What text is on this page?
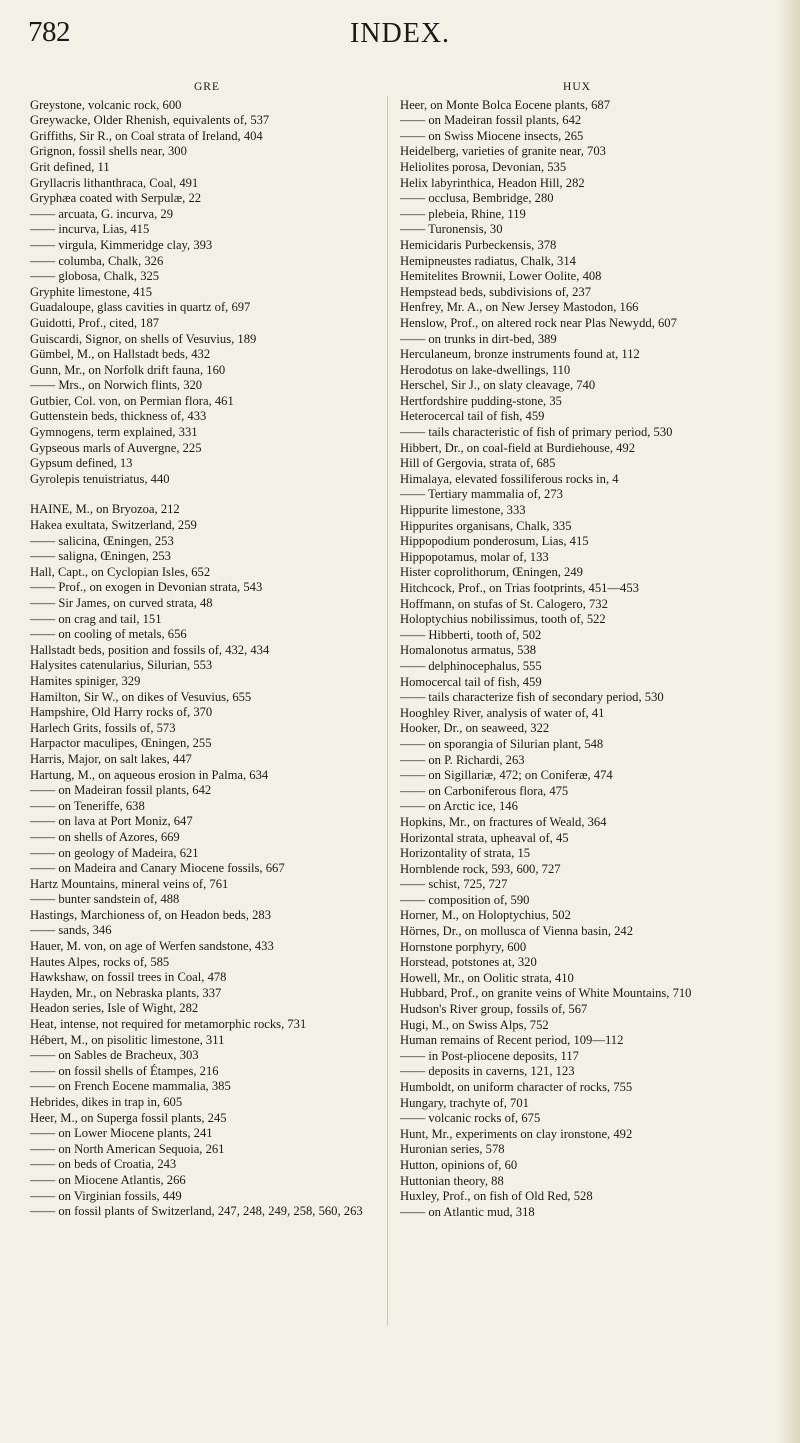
782	INDEX.
GRE
Greystone, volcanic rock, 600
Greywacke, Older Rhenish, equivalents of, 537
Griffiths, Sir R., on Coal strata of Ireland, 404
Grignon, fossil shells near, 300
Grit defined, 11
Gryllacris lithanthraca, Coal, 491
Gryphæa coated with Serpulæ, 22
—— arcuata, G. incurva, 29
—— incurva, Lias, 415
—— virgula, Kimmeridge clay, 393
—— columba, Chalk, 326
—— globosa, Chalk, 325
Gryphite limestone, 415
Guadaloupe, glass cavities in quartz of, 697
Guidotti, Prof., cited, 187
Guiscardi, Signor, on shells of Vesuvius, 189
Gümbel, M., on Hallstadt beds, 432
Gunn, Mr., on Norfolk drift fauna, 160
—— Mrs., on Norwich flints, 320
Gutbier, Col. von, on Permian flora, 461
Guttenstein beds, thickness of, 433
Gymnogens, term explained, 331
Gypseous marls of Auvergne, 225
Gypsum defined, 13
Gyrolepis tenuistriatus, 440
HAINE, M., on Bryozoa, 212
Hakea exultata, Switzerland, 259
—— salicina, Œningen, 253
—— saligna, Œningen, 253
Hall, Capt., on Cyclopian Isles, 652
—— Prof., on exogen in Devonian strata, 543
—— Sir James, on curved strata, 48
—— on crag and tail, 151
—— on cooling of metals, 656
Hallstadt beds, position and fossils of, 432, 434
Halysites catenularius, Silurian, 553
Hamites spiniger, 329
Hamilton, Sir W., on dikes of Vesuvius, 655
Hampshire, Old Harry rocks of, 370
Harlech Grits, fossils of, 573
Harpactor maculipes, Œningen, 255
Harris, Major, on salt lakes, 447
Hartung, M., on aqueous erosion in Palma, 634
—— on Madeiran fossil plants, 642
—— on Teneriffe, 638
—— on lava at Port Moniz, 647
—— on shells of Azores, 669
—— on geology of Madeira, 621
—— on Madeira and Canary Miocene fossils, 667
Hartz Mountains, mineral veins of, 761
—— bunter sandstein of, 488
Hastings, Marchioness of, on Headon beds, 283
—— sands, 346
Hauer, M. von, on age of Werfen sandstone, 433
Hautes Alpes, rocks of, 585
Hawkshaw, on fossil trees in Coal, 478
Hayden, Mr., on Nebraska plants, 337
Headon series, Isle of Wight, 282
Heat, intense, not required for metamorphic rocks, 731
Hébert, M., on pisolitic limestone, 311
—— on Sables de Bracheux, 303
—— on fossil shells of Étampes, 216
—— on French Eocene mammalia, 385
Hebrides, dikes in trap in, 605
Heer, M., on Superga fossil plants, 245
—— on Lower Miocene plants, 241
—— on North American Sequoia, 261
—— on beds of Croatia, 243
—— on Miocene Atlantis, 266
—— on Virginian fossils, 449
—— on fossil plants of Switzerland, 247, 248, 249, 258, 560, 263
HUX
Heer, on Monte Bolca Eocene plants, 687
—— on Madeiran fossil plants, 642
—— on Swiss Miocene insects, 265
Heidelberg, varieties of granite near, 703
Heliolites porosa, Devonian, 535
Helix labyrinthica, Headon Hill, 282
—— occlusa, Bembridge, 280
—— plebeia, Rhine, 119
—— Turonensis, 30
Hemicidaris Purbeckensis, 378
Hemipneustes radiatus, Chalk, 314
Hemitelites Brownii, Lower Oolite, 408
Hempstead beds, subdivisions of, 237
Henfrey, Mr. A., on New Jersey Mastodon, 166
Henslow, Prof., on altered rock near Plas Newydd, 607
—— on trunks in dirt-bed, 389
Herculaneum, bronze instruments found at, 112
Herodotus on lake-dwellings, 110
Herschel, Sir J., on slaty cleavage, 740
Hertfordshire pudding-stone, 35
Heterocercal tail of fish, 459
—— tails characteristic of fish of primary period, 530
Hibbert, Dr., on coal-field at Burdiehouse, 492
Hill of Gergovia, strata of, 685
Himalaya, elevated fossiliferous rocks in, 4
—— Tertiary mammalia of, 273
Hippurite limestone, 333
Hippurites organisans, Chalk, 335
Hippopodium ponderosum, Lias, 415
Hippopotamus, molar of, 133
Hister coprolithorum, Œningen, 249
Hitchcock, Prof., on Trias footprints, 451—453
Hoffmann, on stufas of St. Calogero, 732
Holoptychius nobilissimus, tooth of, 522
—— Hibberti, tooth of, 502
Homalonotus armatus, 538
—— delphinocephalus, 555
Homocercal tail of fish, 459
—— tails characterize fish of secondary period, 530
Hooghley River, analysis of water of, 41
Hooker, Dr., on seaweed, 322
—— on sporangia of Silurian plant, 548
—— on P. Richardi, 263
—— on Sigillariæ, 472; on Coniferæ, 474
—— on Carboniferous flora, 475
—— on Arctic ice, 146
Hopkins, Mr., on fractures of Weald, 364
Horizontal strata, upheaval of, 45
Horizontality of strata, 15
Hornblende rock, 593, 600, 727
—— schist, 725, 727
—— composition of, 590
Horner, M., on Holoptychius, 502
Hörnes, Dr., on mollusca of Vienna basin, 242
Hornstone porphyry, 600
Horstead, potstones at, 320
Howell, Mr., on Oolitic strata, 410
Hubbard, Prof., on granite veins of White Mountains, 710
Hudson's River group, fossils of, 567
Hugi, M., on Swiss Alps, 752
Human remains of Recent period, 109—112
—— in Post-pliocene deposits, 117
—— deposits in caverns, 121, 123
Humboldt, on uniform character of rocks, 755
Hungary, trachyte of, 701
—— volcanic rocks of, 675
Hunt, Mr., experiments on clay ironstone, 492
Huronian series, 578
Hutton, opinions of, 60
Huttonian theory, 88
Huxley, Prof., on fish of Old Red, 528
—— on Atlantic mud, 318
